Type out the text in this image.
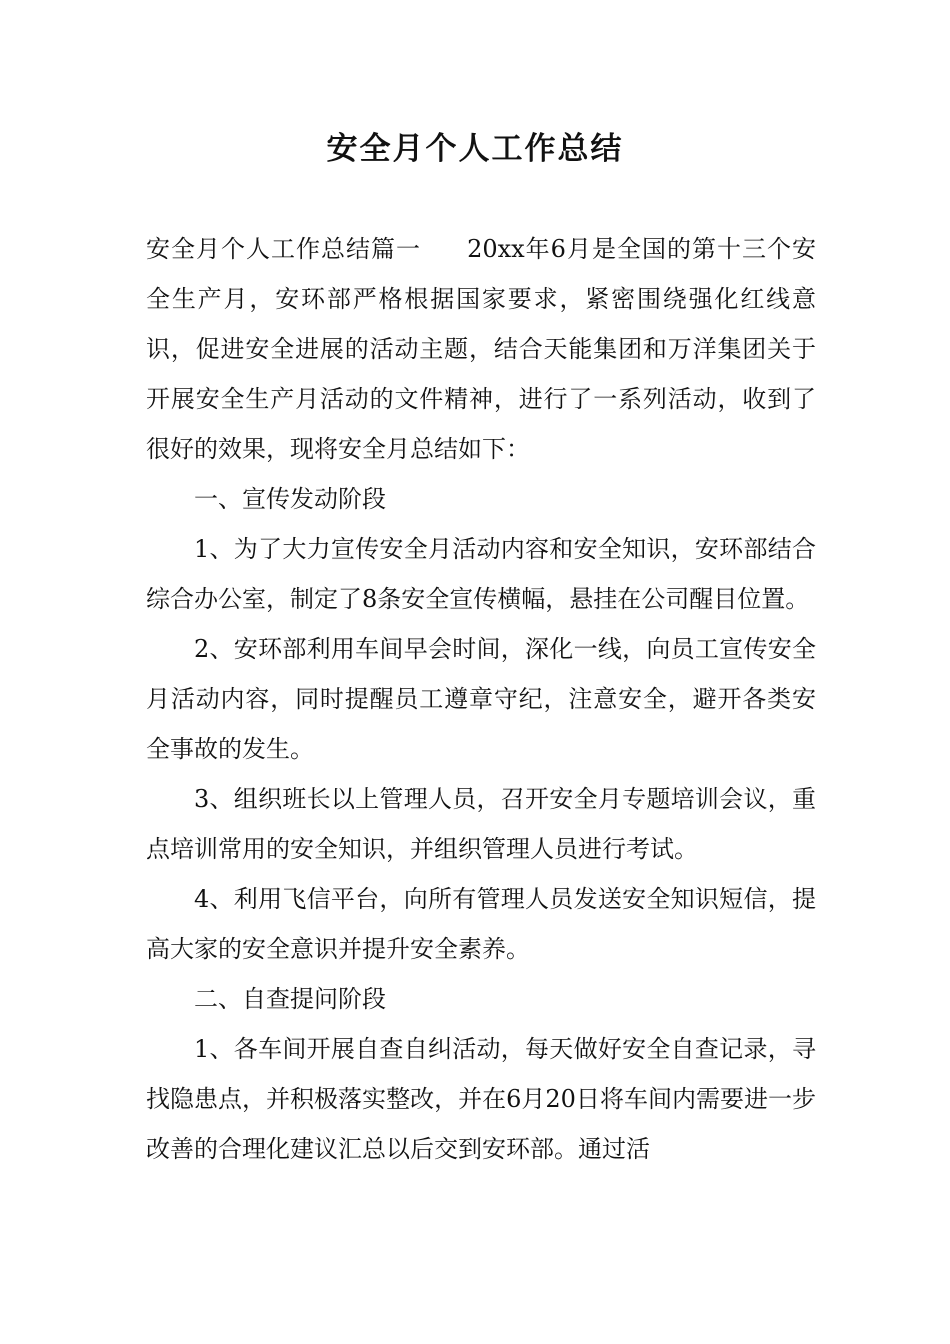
安全月个人工作总结

安全月个人工作总结篇一 20xx年6月是全国的第十三个安全生产月，安环部严格根据国家要求，紧密围绕强化红线意识，促进安全进展的活动主题，结合天能集团和万洋集团关于开展安全生产月活动的文件精神，进行了一系列活动，收到了很好的效果，现将安全月总结如下：

一、宣传发动阶段

1、为了大力宣传安全月活动内容和安全知识，安环部结合综合办公室，制定了8条安全宣传横幅，悬挂在公司醒目位置。

2、安环部利用车间早会时间，深化一线，向员工宣传安全月活动内容，同时提醒员工遵章守纪，注意安全，避开各类安全事故的发生。

3、组织班长以上管理人员，召开安全月专题培训会议，重点培训常用的安全知识，并组织管理人员进行考试。

4、利用飞信平台，向所有管理人员发送安全知识短信，提高大家的安全意识并提升安全素养。

二、自查提问阶段

1、各车间开展自查自纠活动，每天做好安全自查记录，寻找隐患点，并积极落实整改，并在6月20日将车间内需要进一步改善的合理化建议汇总以后交到安环部。通过活
